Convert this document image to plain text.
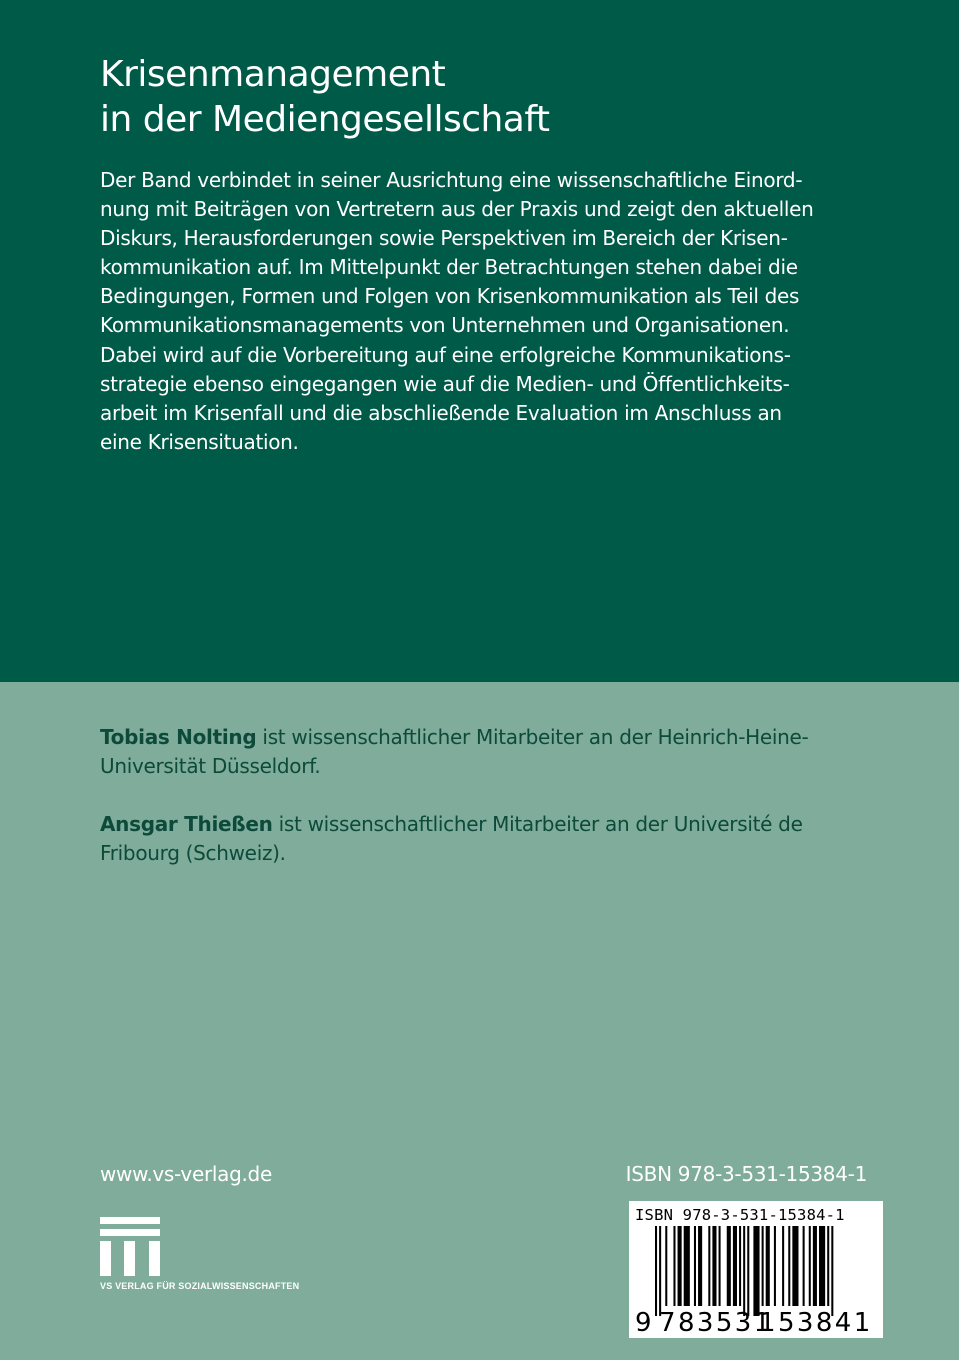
Krisenmanagement
in der Mediengesellschaft
Der Band verbindet in seiner Ausrichtung eine wissenschaftliche Einord-
nung mit Beiträgen von Vertretern aus der Praxis und zeigt den aktuellen
Diskurs, Herausforderungen sowie Perspektiven im Bereich der Krisen-
kommunikation auf. Im Mittelpunkt der Betrachtungen stehen dabei die
Bedingungen, Formen und Folgen von Krisenkommunikation als Teil des
Kommunikationsmanagements von Unternehmen und Organisationen.
Dabei wird auf die Vorbereitung auf eine erfolgreiche Kommunikations-
strategie ebenso eingegangen wie auf die Medien- und Öffentlichkeits-
arbeit im Krisenfall und die abschließende Evaluation im Anschluss an
eine Krisensituation.
Tobias Nolting ist wissenschaftlicher Mitarbeiter an der Heinrich-Heine-
Universität Düsseldorf.
Ansgar Thießen ist wissenschaftlicher Mitarbeiter an der Université de
Fribourg (Schweiz).
www.vs-verlag.de	ISBN 978-3-531-15384-1
VS VERLAG FÜR SOZIALWISSENSCHAFTEN
ISBN 978-3-531-15384-1
9 783531
153841
